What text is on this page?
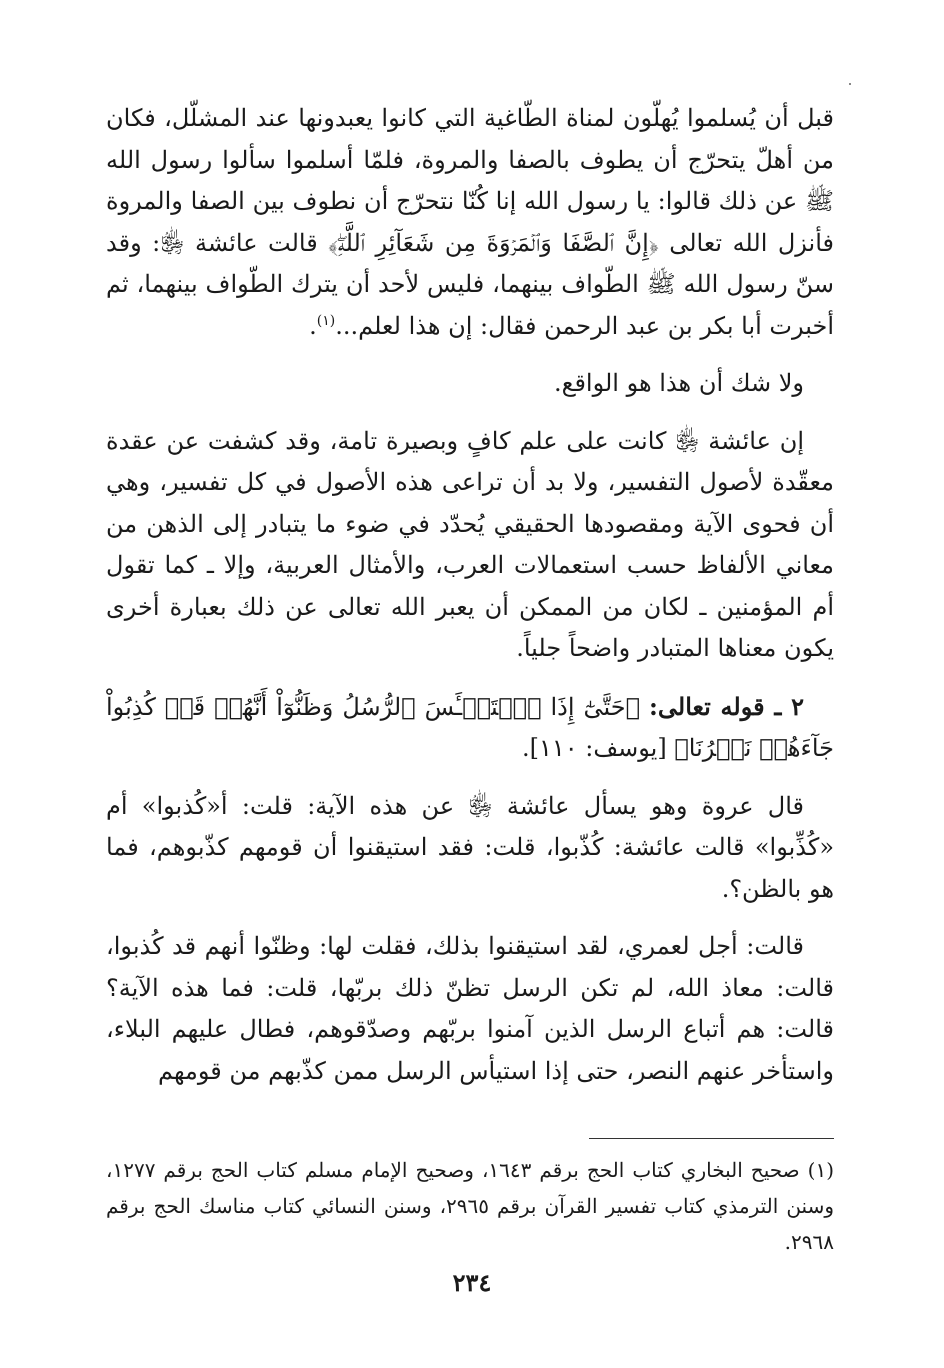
قبل أن يُسلموا يُهلّون لمناة الطّاغية التي كانوا يعبدونها عند المشلّل، فكان من أهلّ يتحرّج أن يطوف بالصفا والمروة، فلمّا أسلموا سألوا رسول الله ﷺ عن ذلك قالوا: يا رسول الله إنا كُنّا نتحرّج أن نطوف بين الصفا والمروة فأنزل الله تعالى ﴿إِنَّ ٱلصَّفَا وَٱلۡمَرۡوَةَ مِن شَعَآئِرِ ٱللَّهِۖ﴾ قالت عائشة ﵂: وقد سنّ رسول الله ﷺ الطّواف بينهما، فليس لأحد أن يترك الطّواف بينهما، ثم أخبرت أبا بكر بن عبد الرحمن فقال: إن هذا لعلم...$^{(١)}$.

ولا شك أن هذا هو الواقع.

إن عائشة ﵂ كانت على علم كافٍ وبصيرة تامة، وقد كشفت عن عقدة معقّدة لأصول التفسير، ولا بد أن تراعى هذه الأصول في كل تفسير، وهي أن فحوى الآية ومقصودها الحقيقي يُحدّد في ضوء ما يتبادر إلى الذهن من معاني الألفاظ حسب استعمالات العرب، والأمثال العربية، وإلا ـ كما تقول أم المؤمنين ـ لكان من الممكن أن يعبر الله تعالى عن ذلك بعبارة أخرى يكون معناها المتبادر واضحاً جلياً.

٢ ـ قوله تعالى: ﴿حَتَّىٰٓ إِذَا ٱسۡتَيۡـَٔسَ ٱلرُّسُلُ وَظَنُّوٓاْ أَنَّهُمۡ قَدۡ كُذِبُواْ جَآءَهُمۡ نَصۡرُنَا﴾ [يوسف: ١١٠].

قال عروة وهو يسأل عائشة ﵂ عن هذه الآية: قلت: أ«كُذبوا» أم «كُذِّبوا» قالت عائشة: كُذّبوا، قلت: فقد استيقنوا أن قومهم كذّبوهم، فما هو بالظن؟.

قالت: أجل لعمري، لقد استيقنوا بذلك، فقلت لها: وظنّوا أنهم قد كُذبوا، قالت: معاذ الله، لم تكن الرسل تظنّ ذلك بربّها، قلت: فما هذه الآية؟ قالت: هم أتباع الرسل الذين آمنوا بربّهم وصدّقوهم، فطال عليهم البلاء، واستأخر عنهم النصر، حتى إذا استيأس الرسل ممن كذّبهم من قومهم

(١) صحيح البخاري كتاب الحج برقم ١٦٤٣، وصحيح الإمام مسلم كتاب الحج برقم ١٢٧٧، وسنن الترمذي كتاب تفسير القرآن برقم ٢٩٦٥، وسنن النسائي كتاب مناسك الحج برقم ٢٩٦٨.

٢٣٤
